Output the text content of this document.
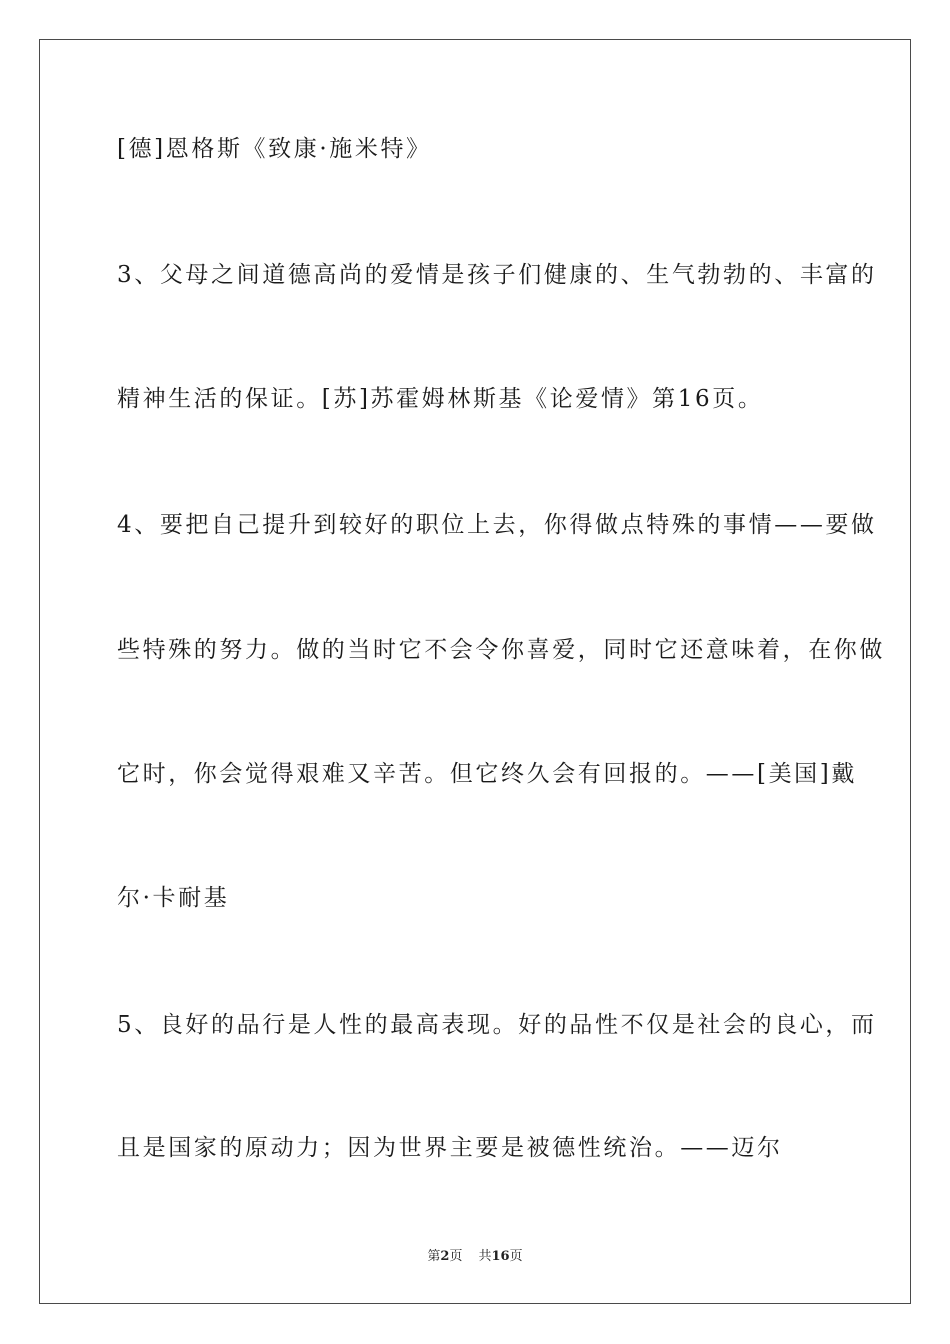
[德]恩格斯《致康·施米特》

3、父母之间道德高尚的爱情是孩子们健康的、生气勃勃的、丰富的

精神生活的保证。[苏]苏霍姆林斯基《论爱情》第16页。

4、要把自己提升到较好的职位上去，你得做点特殊的事情——要做

些特殊的努力。做的当时它不会令你喜爱，同时它还意味着，在你做

它时，你会觉得艰难又辛苦。但它终久会有回报的。——[美国]戴

尔·卡耐基

5、良好的品行是人性的最高表现。好的品性不仅是社会的良心，而

且是国家的原动力；因为世界主要是被德性统治。——迈尔

第2页 共16页
